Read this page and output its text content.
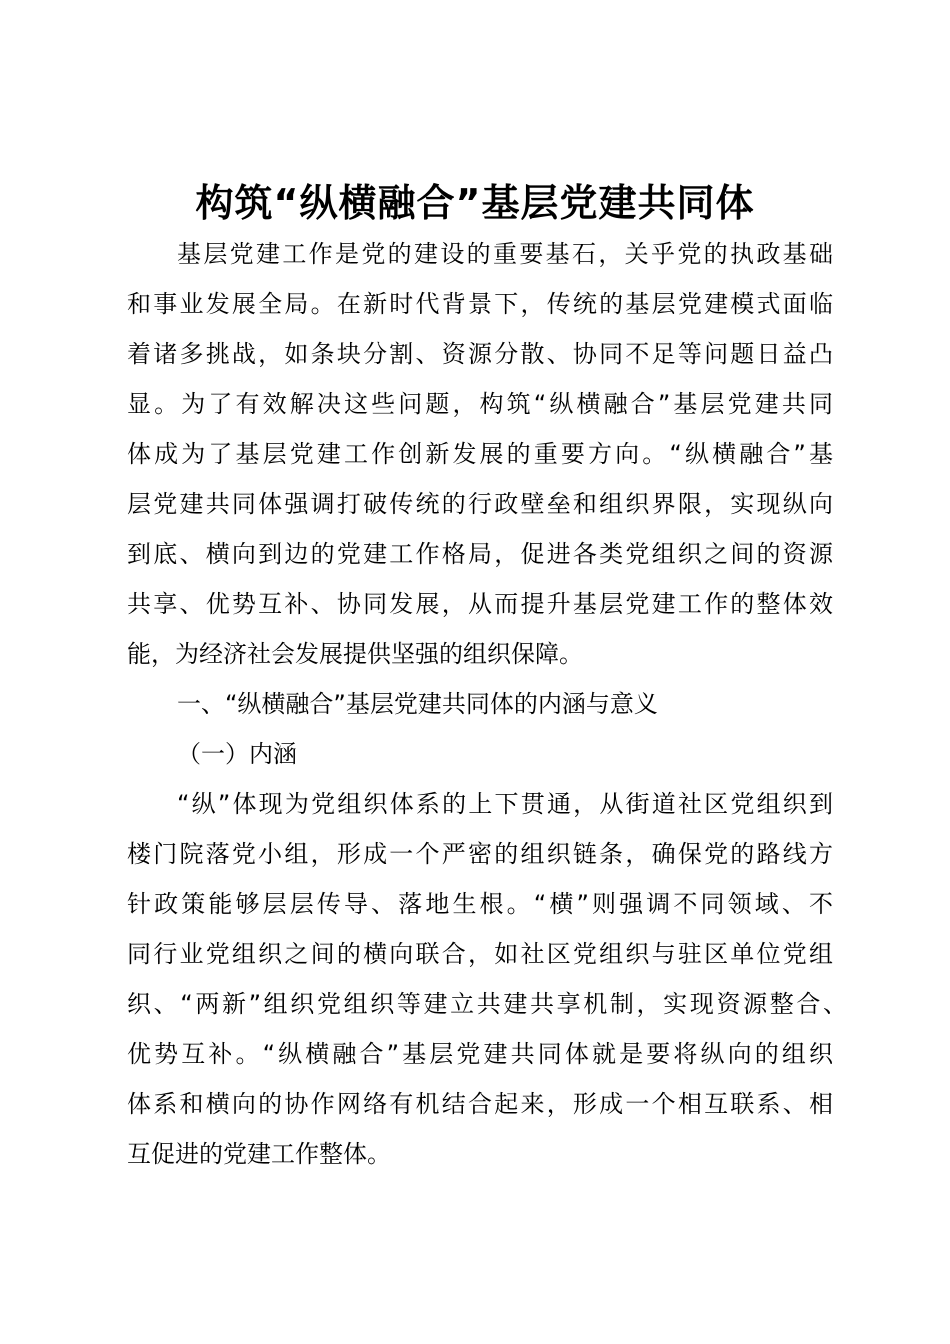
构筑“纵横融合”基层党建共同体
基层党建工作是党的建设的重要基石，关乎党的执政基础
和事业发展全局。在新时代背景下，传统的基层党建模式面临
着诸多挑战，如条块分割、资源分散、协同不足等问题日益凸
显。为了有效解决这些问题，构筑“纵横融合”基层党建共同
体成为了基层党建工作创新发展的重要方向。“纵横融合”基
层党建共同体强调打破传统的行政壁垒和组织界限，实现纵向
到底、横向到边的党建工作格局，促进各类党组织之间的资源
共享、优势互补、协同发展，从而提升基层党建工作的整体效
能，为经济社会发展提供坚强的组织保障。
一、“纵横融合”基层党建共同体的内涵与意义
（一）内涵
“纵”体现为党组织体系的上下贯通，从街道社区党组织到
楼门院落党小组，形成一个严密的组织链条，确保党的路线方
针政策能够层层传导、落地生根。“横”则强调不同领域、不
同行业党组织之间的横向联合，如社区党组织与驻区单位党组
织、“两新”组织党组织等建立共建共享机制，实现资源整合、
优势互补。“纵横融合”基层党建共同体就是要将纵向的组织
体系和横向的协作网络有机结合起来，形成一个相互联系、相
互促进的党建工作整体。
